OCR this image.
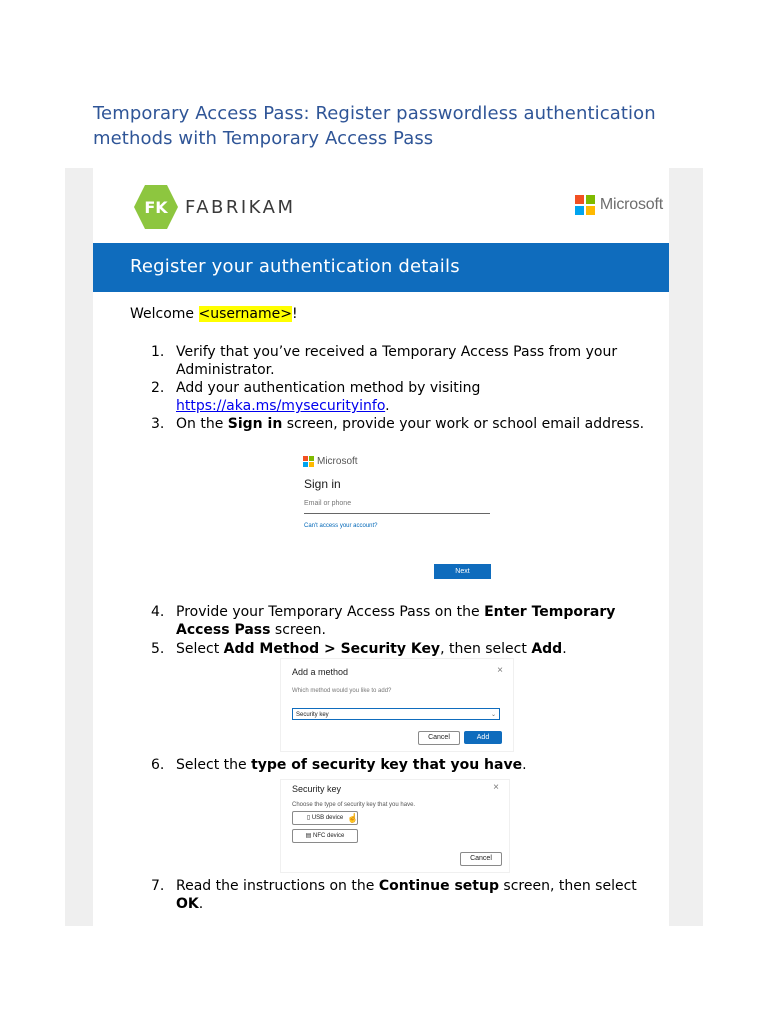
Temporary Access Pass: Register passwordless authentication methods with Temporary Access Pass
FK FABRIKAM	Microsoft
Register your authentication details
Welcome <username>!
1. Verify that you’ve received a Temporary Access Pass from your Administrator.
2. Add your authentication method by visiting
https://aka.ms/mysecurityinfo.
3. On the Sign in screen, provide your work or school email address.
Microsoft
Sign in
Email or phone
Can't access your account?
Next
4. Provide your Temporary Access Pass on the Enter Temporary Access Pass screen.
5. Select Add Method > Security Key, then select Add.
Add a method	×
Which method would you like to add?
Security key	⌄
Cancel	Add
6. Select the type of security key that you have.
Security key	×
Choose the type of security key that you have.
▯ USB device ☝
▤ NFC device
Cancel
7. Read the instructions on the Continue setup screen, then select OK.
